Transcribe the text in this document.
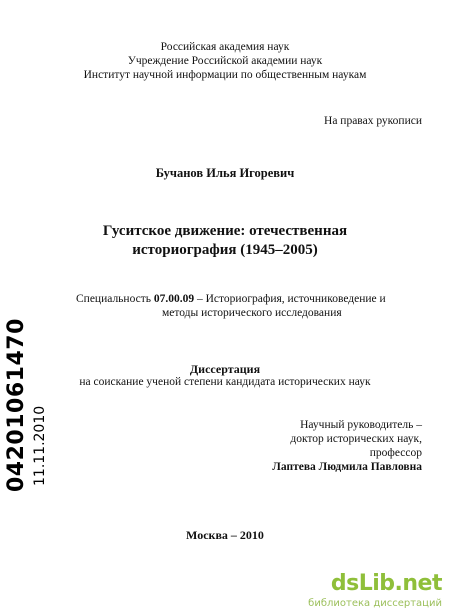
Российская академия наук
Учреждение Российской академии наук
Институт научной информации по общественным наукам
На правах рукописи
Бучанов Илья Игоревич
Гуситское движение: отечественная
историография (1945–2005)
Специальность 07.00.09 – Историография, источниковедение и
методы исторического исследования
Диссертация
на соискание ученой степени кандидата исторических наук
Научный руководитель –
доктор исторических наук,
профессор
Лаптева Людмила Павловна
Москва – 2010
04201061470 11.11.2010
dsLib.net
библиотека диссертаций
